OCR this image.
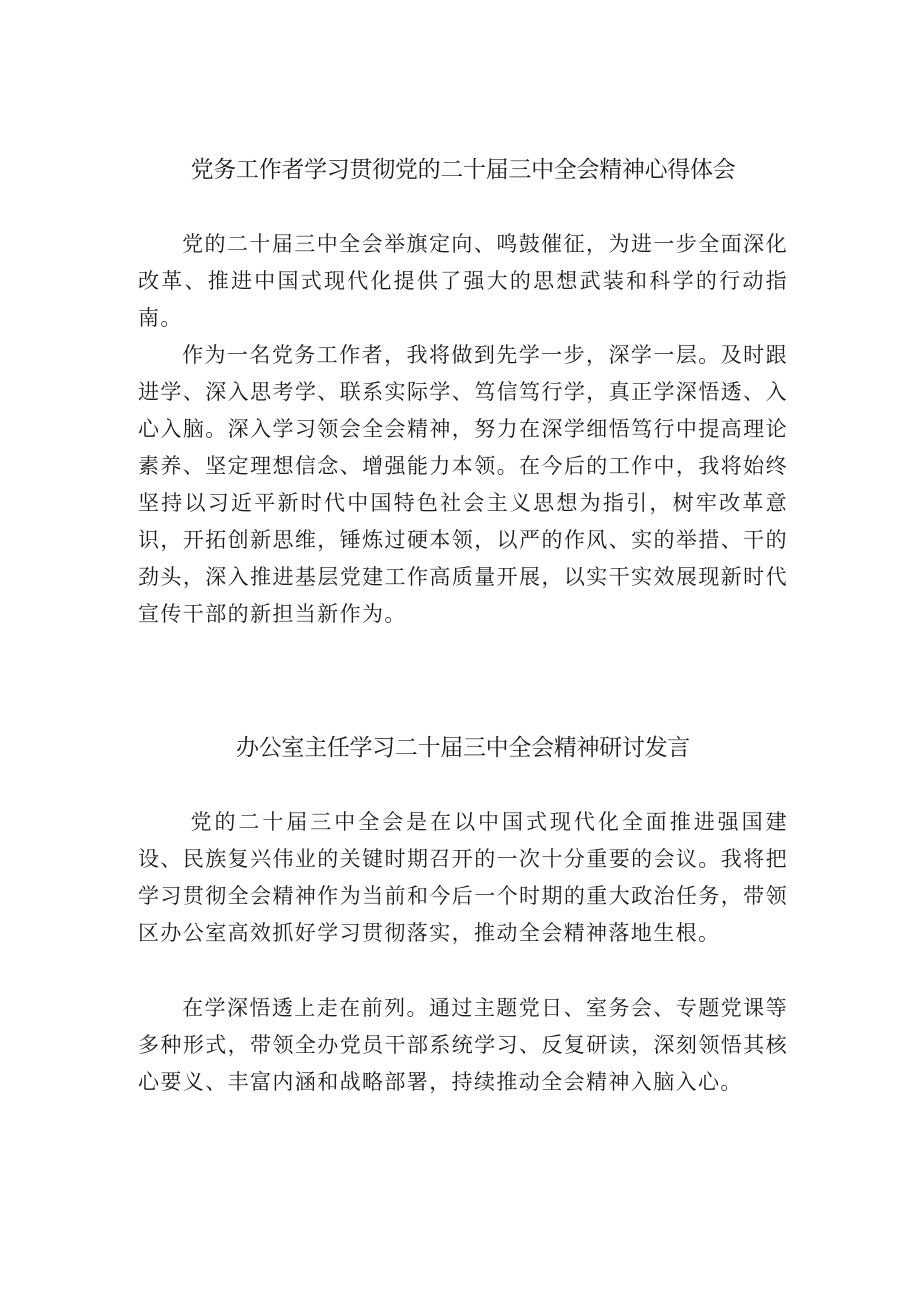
党务工作者学习贯彻党的二十届三中全会精神心得体会

党的二十届三中全会举旗定向、鸣鼓催征，为进一步全面深化改革、推进中国式现代化提供了强大的思想武装和科学的行动指南。

作为一名党务工作者，我将做到先学一步，深学一层。及时跟进学、深入思考学、联系实际学、笃信笃行学，真正学深悟透、入心入脑。深入学习领会全会精神，努力在深学细悟笃行中提高理论素养、坚定理想信念、增强能力本领。在今后的工作中，我将始终坚持以习近平新时代中国特色社会主义思想为指引，树牢改革意识，开拓创新思维，锤炼过硬本领，以严的作风、实的举措、干的劲头，深入推进基层党建工作高质量开展，以实干实效展现新时代宣传干部的新担当新作为。

办公室主任学习二十届三中全会精神研讨发言

党的二十届三中全会是在以中国式现代化全面推进强国建设、民族复兴伟业的关键时期召开的一次十分重要的会议。我将把学习贯彻全会精神作为当前和今后一个时期的重大政治任务，带领区办公室高效抓好学习贯彻落实，推动全会精神落地生根。

在学深悟透上走在前列。通过主题党日、室务会、专题党课等多种形式，带领全办党员干部系统学习、反复研读，深刻领悟其核心要义、丰富内涵和战略部署，持续推动全会精神入脑入心。
